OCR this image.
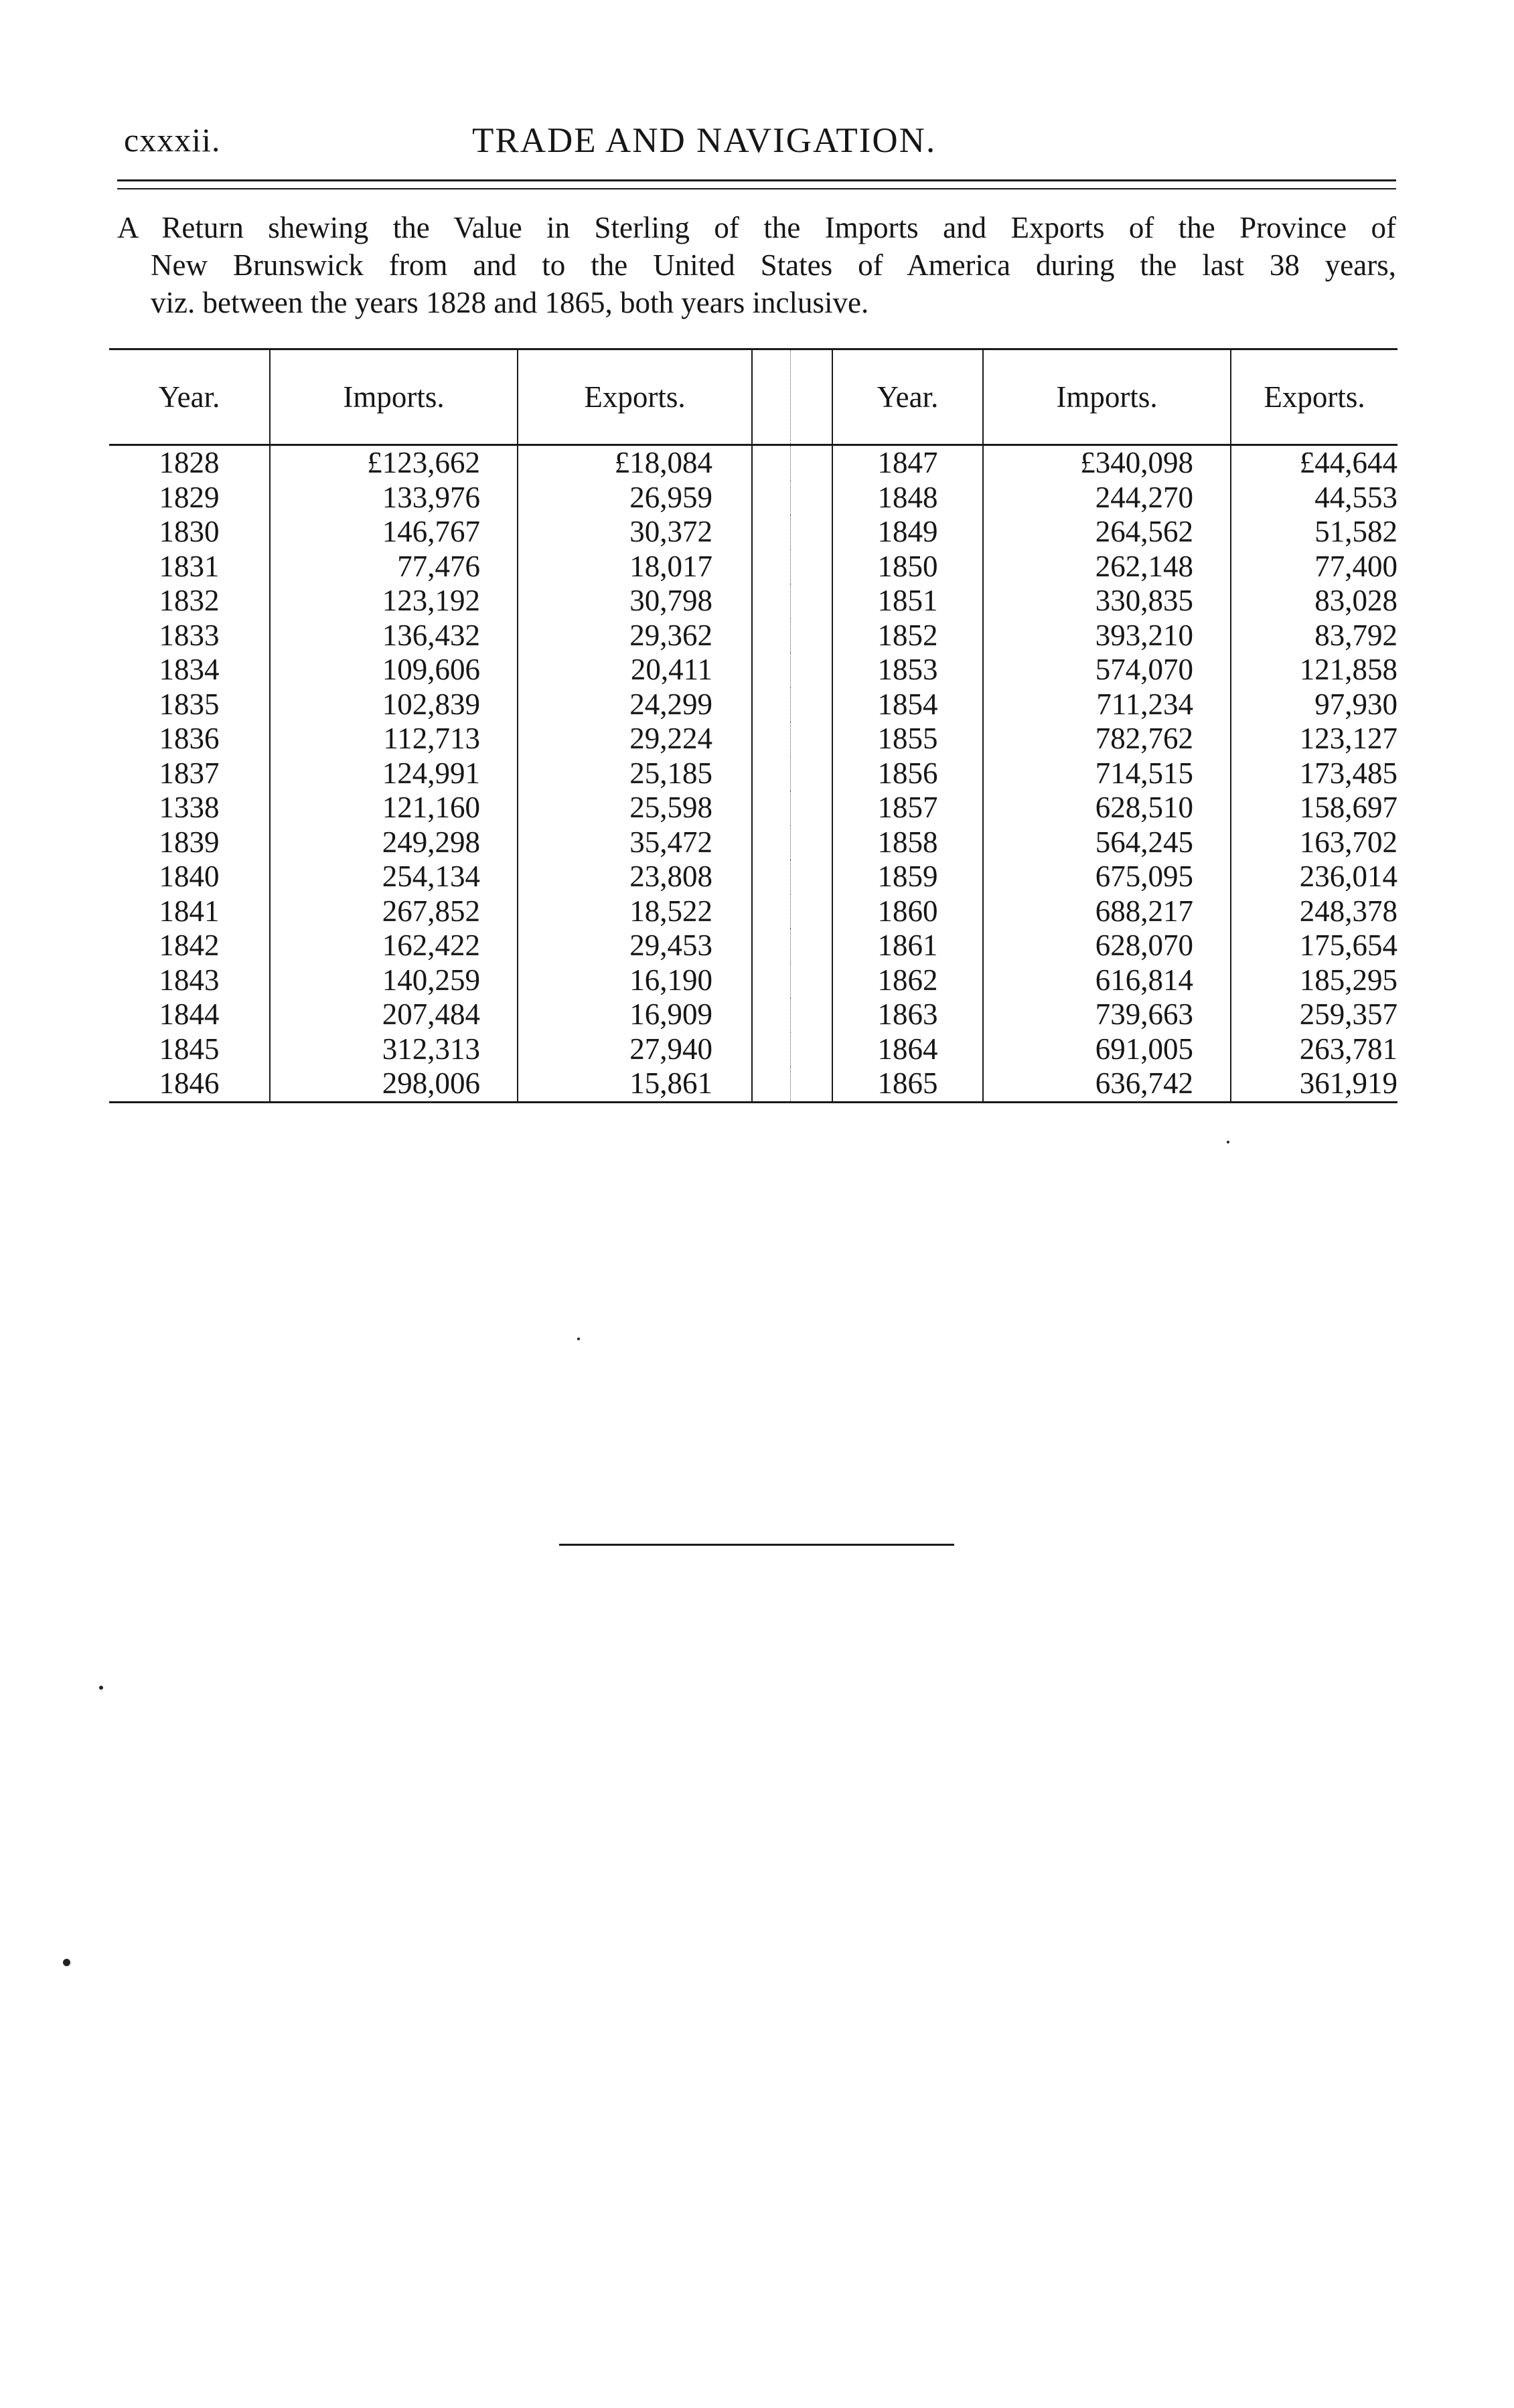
cxxxii.	TRADE AND NAVIGATION.
A Return shewing the Value in Sterling of the Imports and Exports of the Province of
New Brunswick from and to the United States of America during the last 38 years,
viz. between the years 1828 and 1865, both years inclusive.
Year.	Imports.	Exports.		Year.	Imports.	Exports.
1828	£123,662	£18,084		1847	£340,098	£44,644
1829	133,976	26,959		1848	244,270	44,553
1830	146,767	30,372		1849	264,562	51,582
1831	77,476	18,017		1850	262,148	77,400
1832	123,192	30,798		1851	330,835	83,028
1833	136,432	29,362		1852	393,210	83,792
1834	109,606	20,411		1853	574,070	121,858
1835	102,839	24,299		1854	711,234	97,930
1836	112,713	29,224		1855	782,762	123,127
1837	124,991	25,185		1856	714,515	173,485
1338	121,160	25,598		1857	628,510	158,697
1839	249,298	35,472		1858	564,245	163,702
1840	254,134	23,808		1859	675,095	236,014
1841	267,852	18,522		1860	688,217	248,378
1842	162,422	29,453		1861	628,070	175,654
1843	140,259	16,190		1862	616,814	185,295
1844	207,484	16,909		1863	739,663	259,357
1845	312,313	27,940		1864	691,005	263,781
1846	298,006	15,861		1865	636,742	361,919
